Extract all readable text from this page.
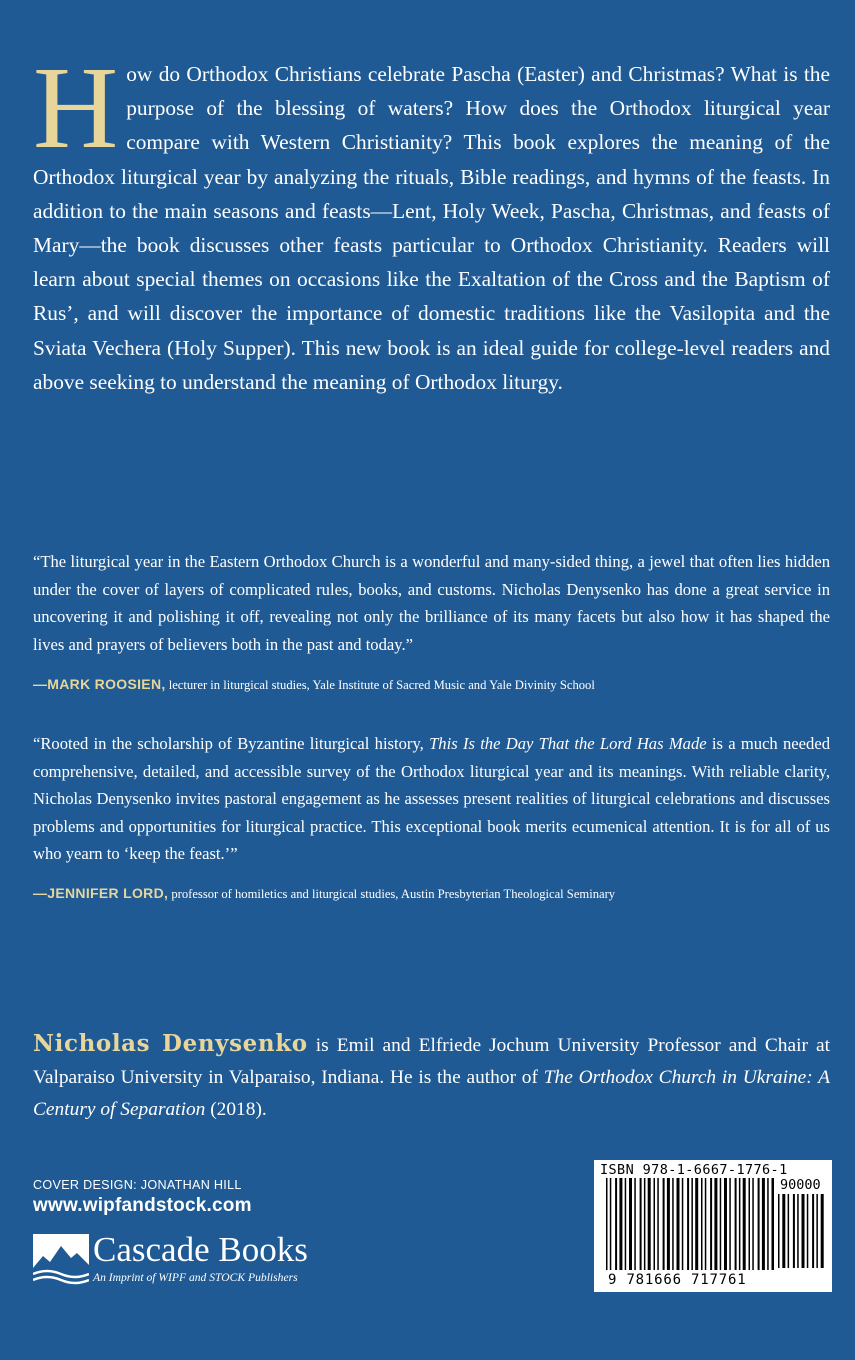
How do Orthodox Christians celebrate Pascha (Easter) and Christmas? What is the purpose of the blessing of waters? How does the Orthodox liturgical year compare with Western Christianity? This book explores the meaning of the Orthodox liturgical year by analyzing the rituals, Bible readings, and hymns of the feasts. In addition to the main seasons and feasts—Lent, Holy Week, Pascha, Christmas, and feasts of Mary—the book discusses other feasts particular to Orthodox Christianity. Readers will learn about special themes on occasions like the Exaltation of the Cross and the Baptism of Rus’, and will discover the importance of domestic traditions like the Vasilopita and the Sviata Vechera (Holy Supper). This new book is an ideal guide for college-level readers and above seeking to understand the meaning of Orthodox liturgy.

“The liturgical year in the Eastern Orthodox Church is a wonderful and many-sided thing, a jewel that often lies hidden under the cover of layers of complicated rules, books, and customs. Nicholas Denysenko has done a great service in uncovering it and polishing it off, revealing not only the brilliance of its many facets but also how it has shaped the lives and prayers of believers both in the past and today.”

—MARK ROOSIEN, lecturer in liturgical studies, Yale Institute of Sacred Music and Yale Divinity School

“Rooted in the scholarship of Byzantine liturgical history, This Is the Day That the Lord Has Made is a much needed comprehensive, detailed, and accessible survey of the Orthodox liturgical year and its meanings. With reliable clarity, Nicholas Denysenko invites pastoral engagement as he assesses present realities of liturgical celebrations and discusses problems and opportunities for liturgical practice. This exceptional book merits ecumenical attention. It is for all of us who yearn to ‘keep the feast.’”

—JENNIFER LORD, professor of homiletics and liturgical studies, Austin Presbyterian Theological Seminary

Nicholas Denysenko is Emil and Elfriede Jochum University Professor and Chair at Valparaiso University in Valparaiso, Indiana. He is the author of The Orthodox Church in Ukraine: A Century of Separation (2018).

COVER DESIGN: JONATHAN HILL
www.wipfandstock.com
Cascade Books
An Imprint of WIPF and STOCK Publishers
ISBN 978-1-6667-1776-1
90000
9 781666 717761
